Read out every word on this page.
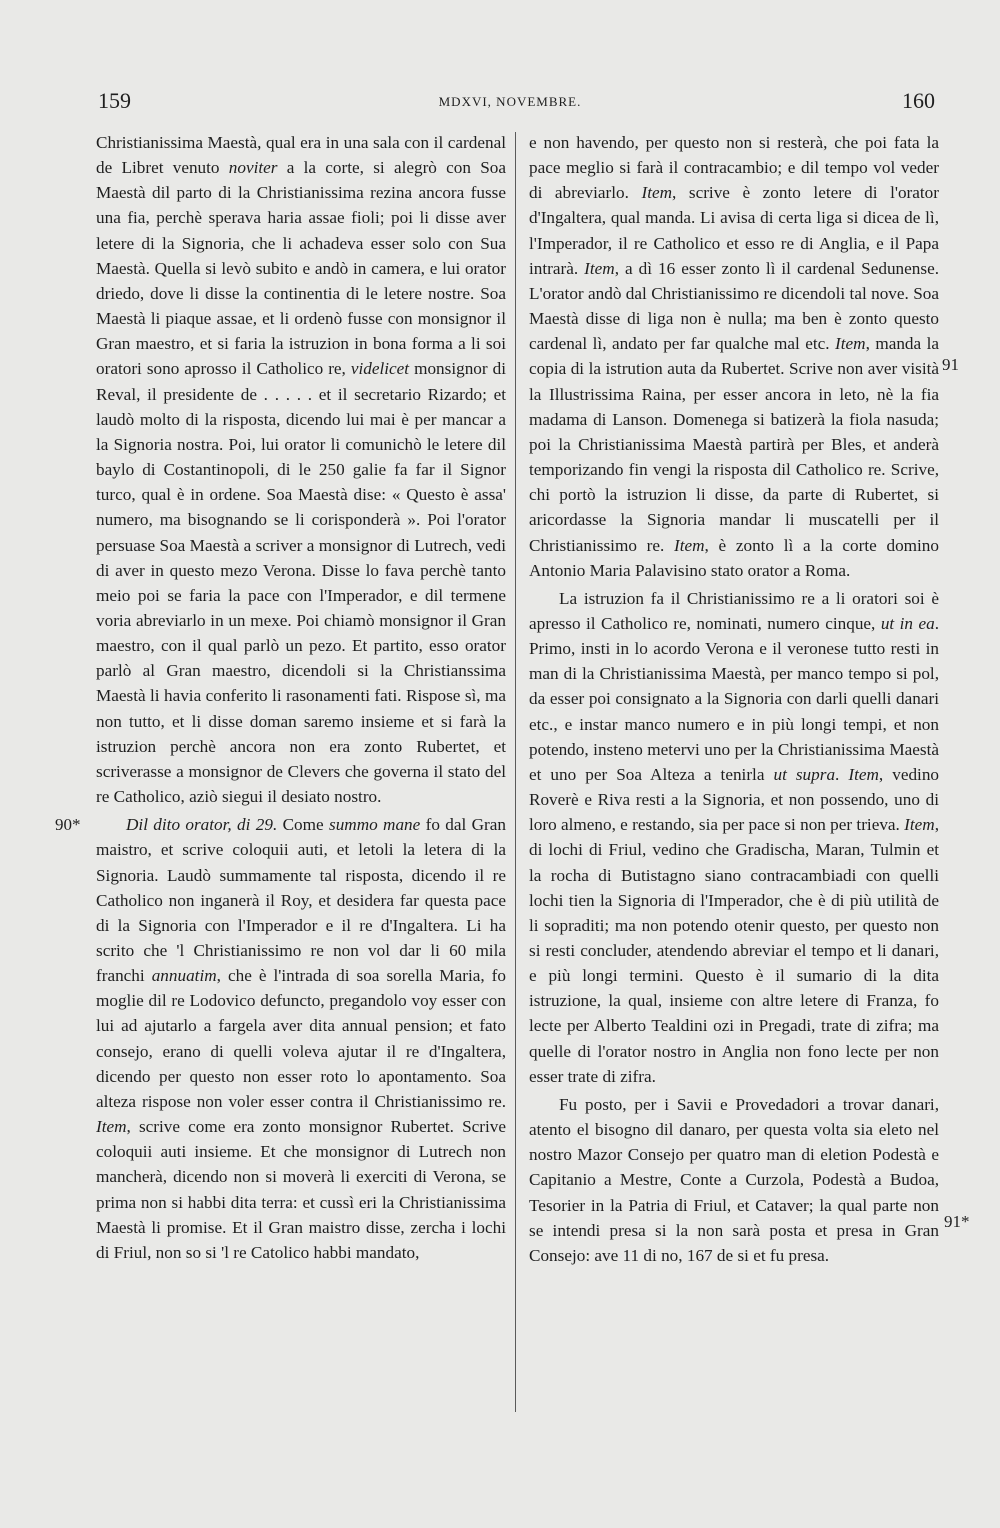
159	MDXVI, NOVEMBRE.	160
90*
91
91*

Christianissima Maestà, qual era in una sala con il cardenal de Libret venuto noviter a la corte, si alegrò con Soa Maestà dil parto di la Christianissima rezina ancora fusse una fia, perchè sperava haria assae fioli; poi li disse aver letere di la Signoria, che li achadeva esser solo con Sua Maestà. Quella si levò subito e andò in camera, e lui orator driedo, dove li disse la continentia di le letere nostre. Soa Maestà li piaque assae, et li ordenò fusse con monsignor il Gran maestro, et si faria la istruzion in bona forma a li soi oratori sono aprosso il Catholico re, videlicet monsignor di Reval, il presidente de . . . . . et il secretario Rizardo; et laudò molto di la risposta, dicendo lui mai è per mancar a la Signoria nostra. Poi, lui orator li comunichò le letere dil baylo di Costantinopoli, di le 250 galie fa far il Signor turco, qual è in ordene. Soa Maestà dise: « Questo è assa' numero, ma bisognando se li corisponderà ». Poi l'orator persuase Soa Maestà a scriver a monsignor di Lutrech, vedi di aver in questo mezo Verona. Disse lo fava perchè tanto meio poi se faria la pace con l'Imperador, e dil termene voria abreviarlo in un mexe. Poi chiamò monsignor il Gran maestro, con il qual parlò un pezo. Et partito, esso orator parlò al Gran maestro, dicendoli si la Christianssima Maestà li havia conferito li rasonamenti fati. Rispose sì, ma non tutto, et li disse doman saremo insieme et si farà la istruzion perchè ancora non era zonto Rubertet, et scriverasse a monsignor de Clevers che governa il stato del re Catholico, aziò siegui il desiato nostro.

Dil dito orator, di 29. Come summo mane fo dal Gran maistro, et scrive coloquii auti, et letoli la letera di la Signoria. Laudò summamente tal risposta, dicendo il re Catholico non inganerà il Roy, et desidera far questa pace di la Signoria con l'Imperador e il re d'Ingaltera. Li ha scrito che 'l Christianissimo re non vol dar li 60 mila franchi annuatim, che è l'intrada di soa sorella Maria, fo moglie dil re Lodovico defuncto, pregandolo voy esser con lui ad ajutarlo a fargela aver dita annual pension; et fato consejo, erano di quelli voleva ajutar il re d'Ingaltera, dicendo per questo non esser roto lo apontamento. Soa alteza rispose non voler esser contra il Christianissimo re. Item, scrive come era zonto monsignor Rubertet. Scrive coloquii auti insieme. Et che monsignor di Lutrech non mancherà, dicendo non si moverà li exerciti di Verona, se prima non si habbi dita terra: et cussì eri la Christianissima Maestà li promise. Et il Gran maistro disse, zercha i lochi di Friul, non so si 'l re Catolico habbi mandato,

e non havendo, per questo non si resterà, che poi fata la pace meglio si farà il contracambio; e dil tempo vol veder di abreviarlo. Item, scrive è zonto letere di l'orator d'Ingaltera, qual manda. Li avisa di certa liga si dicea de lì, l'Imperador, il re Catholico et esso re di Anglia, e il Papa intrarà. Item, a dì 16 esser zonto lì il cardenal Sedunense. L'orator andò dal Christianissimo re dicendoli tal nove. Soa Maestà disse di liga non è nulla; ma ben è zonto questo cardenal lì, andato per far qualche mal etc. Item, manda la copia di la istrution auta da Rubertet. Scrive non aver visità la Illustrissima Raina, per esser ancora in leto, nè la fia madama di Lanson. Domenega si batizerà la fiola nasuda; poi la Christianissima Maestà partirà per Bles, et anderà temporizando fin vengi la risposta dil Catholico re. Scrive, chi portò la istruzion li disse, da parte di Rubertet, si aricordasse la Signoria mandar li muscatelli per il Christianissimo re. Item, è zonto lì a la corte domino Antonio Maria Palavisino stato orator a Roma.

La istruzion fa il Christianissimo re a li oratori soi è apresso il Catholico re, nominati, numero cinque, ut in ea. Primo, insti in lo acordo Verona e il veronese tutto resti in man di la Christianissima Maestà, per manco tempo si pol, da esser poi consignato a la Signoria con darli quelli danari etc., e instar manco numero e in più longi tempi, et non potendo, insteno metervi uno per la Christianissima Maestà et uno per Soa Alteza a tenirla ut supra. Item, vedino Roverè e Riva resti a la Signoria, et non possendo, uno di loro almeno, e restando, sia per pace si non per trieva. Item, di lochi di Friul, vedino che Gradischa, Maran, Tulmin et la rocha di Butistagno siano contracambiadi con quelli lochi tien la Signoria di l'Imperador, che è di più utilità de li sopraditi; ma non potendo otenir questo, per questo non si resti concluder, atendendo abreviar el tempo et li danari, e più longi termini. Questo è il sumario di la dita istruzione, la qual, insieme con altre letere di Franza, fo lecte per Alberto Tealdini ozi in Pregadi, trate di zifra; ma quelle di l'orator nostro in Anglia non fono lecte per non esser trate di zifra.

Fu posto, per i Savii e Provedadori a trovar danari, atento el bisogno dil danaro, per questa volta sia eleto nel nostro Mazor Consejo per quatro man di eletion Podestà e Capitanio a Mestre, Conte a Curzola, Podestà a Budoa, Tesorier in la Patria di Friul, et Cataver; la qual parte non se intendi presa si la non sarà posta et presa in Gran Consejo: ave 11 di no, 167 de si et fu presa.
